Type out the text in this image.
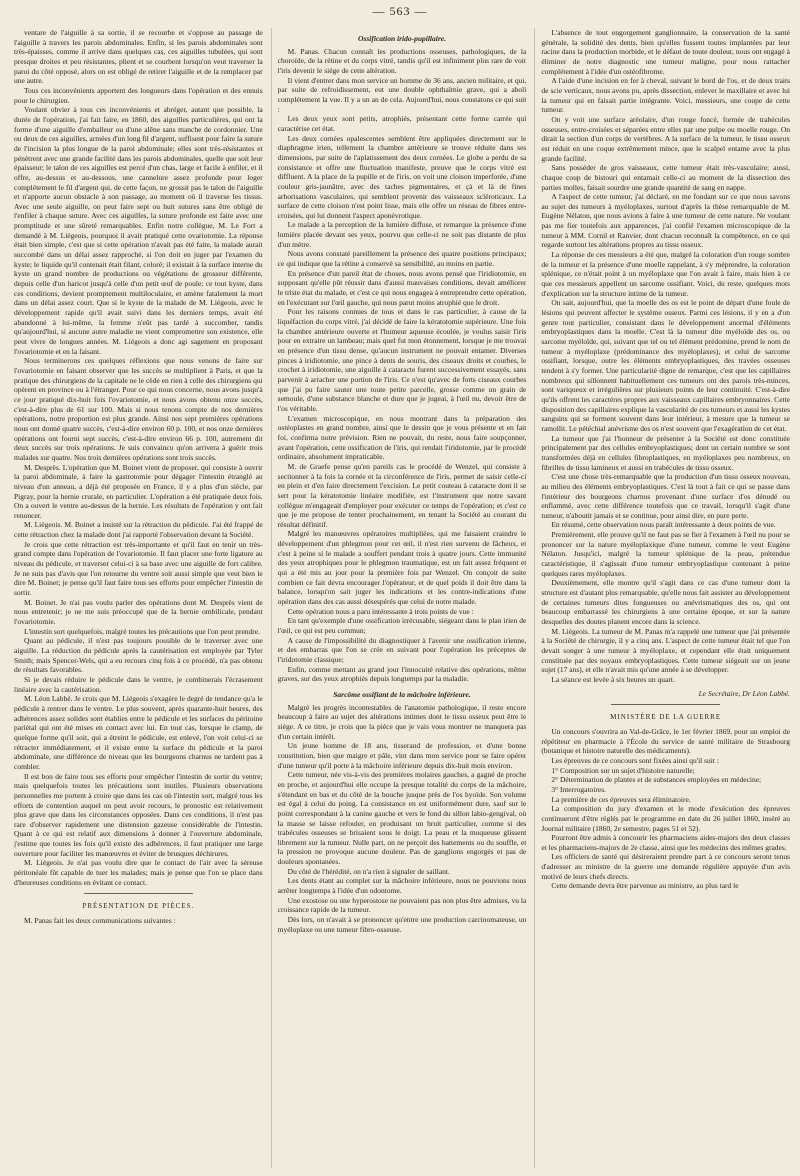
— 563 —

ventare de l'aiguille à sa sortie, il se recourbe et s'oppose au passage de l'aiguille à travers les parois abdominales. Enfin, si les parois abdominales sont très-épaisses, comme il arrive dans quelques cas, ces aiguilles tubulées, qui sont presque droites et peu résistantes, plient et se courbent lorsqu'on veut traverser la paroi du côté opposé, alors on est obligé de retirer l'aiguille et de la remplacer par une autre.

Tous ces inconvénients apportent des longueurs dans l'opération et des ennuis pour le chirurgien.

Voulant obvier à tous ces inconvénients et abréger, autant que possible, la durée de l'opération, j'ai fait faire, en 1860, des aiguilles particulières, qui ont la forme d'une aiguille d'emballeur ou d'une alêne sans manche de cordonnier. Une ou deux de ces aiguilles, armées d'un long fil d'argent, suffisent pour faire la suture de l'incision la plus longue de la paroi abdominale; elles sont très-résistantes et pénètrent avec une grande facilité dans les parois abdominales, quelle que soit leur épaisseur; le talon de ces aiguilles est percé d'un chas, large et facile à enfiler, et il offre, au-dessus et au-dessous, une cannelure assez profonde pour loger complétement le fil d'argent qui, de cette façon, ne grossit pas le talon de l'aiguille et n'apporte aucun obstacle à son passage, au moment où il traverse les tissus. Avec une seule aiguille, on peut faire sept ou huit sutures sans être obligé de l'enfiler à chaque suture. Avec ces aiguilles, la suture profonde est faite avec une promptitude et une sûreté remarquables. Enfin notre collègue, M. Le Fort a demandé à M. Liégeois, pourquoi il avait pratiqué cette ovariotomie. La réponse était bien simple, c'est que si cette opération n'avait pas été faite, la malade aurait succombé dans un délai assez rapproché, si l'on doit en juger par l'examen du kyste; le liquide qu'il contenait était filant, coloré; il existait à la surface interne du kyste un grand nombre de productions ou végétations de grosseur différente, depuis celle d'un haricot jusqu'à celle d'un petit œuf de poule; ce tout kyste, dans ces conditions, devient promptement multiloculaire, et amène fatalement la mort dans un délai assez court. Que si le kyste de la malade de M. Liégeois, avec le développement rapide qu'il avait suivi dans les derniers temps, avait été abandonné à lui-même, la femme n'eût pas tardé à succomber, tandis qu'aujourd'hui, si aucune autre maladie ne vient compromettre son existence, elle peut vivre de longues années. M. Liégeois a donc agi sagement en proposant l'ovariotomie et en la faisant.

Nous terminerons ces quelques réflexions que nous venons de faire sur l'ovariotomie en faisant observer que les succès se multiplient à Paris, et que la pratique des chirurgiens de la capitale ne le cède en rien à celle des chirurgiens qui opèrent en province ou à l'étranger. Pour ce qui nous concerne, nous avons jusqu'à ce jour pratiqué dix-huit fois l'ovariotomie, et nous avons obtenu onze succès, c'est-à-dire plus de 61 sur 100. Mais si nous tenons compte de nos dernières opérations, notre proportion est plus grande. Ainsi nos sept premières opérations nous ont donné quatre succès, c'est-à-dire environ 60 p. 100, et nos onze dernières opérations ont fourni sept succès, c'est-à-dire environ 66 p. 100, autrement dit deux succès sur trois opérations. Je suis convaincu qu'on arrivera à guérir trois malades sur quatre. Nos trois dernières opérations sont trois succès.

M. Desprès. L'opération que M. Boinet vient de proposer, qui consiste à ouvrir la paroi abdominale, à faire la gastrotomie pour dégager l'intestin étranglé au niveau d'un anneau, a déjà été proposée en France, il y a plus d'un siècle, par Pigray, pour la hernie crurale, en particulier. L'opération a été pratiquée deux fois. On a ouvert le ventre au-dessus de la hernie. Les résultats de l'opération y ont fait renoncer.

M. Liégeois. M. Boinet a insisté sur la rétraction du pédicule. J'ai été frappé de cette rétraction chez la malade dont j'ai rapporté l'observation devant la Société.

Je crois que cette rétraction est très-importante et qu'il faut en tenir un très-grand compte dans l'opération de l'ovariotomie. Il faut placer une forte ligature au niveau du pédicule, et traverser celui-ci à sa base avec une aiguille de fort calibre. Je ne suis pas d'avis que l'on retourne du ventre soit aussi simple que veut bien le dire M. Boinet; je pense qu'il faut faire tous ses efforts pour empêcher l'intestin de sortir.

M. Boinet. Je n'ai pas voulu parler des opérations dont M. Desprès vient de nous entretenir; je ne me suis préoccupé que de la hernie ombilicale, pendant l'ovariotomie.

L'intestin sort quelquefois, malgré toutes les précautions que l'on peut prendre.

Quant au pédicule, il n'est pas toujours possible de le traverser avec une aiguille. La réduction du pédicule après la cautérisation est employée par Tyler Smith; mais Spencer-Wels, qui a eu recours cinq fois à ce procédé, n'a pas obtenu de résultats favorables.

Si je devais réduire le pédicule dans le ventre, je combinerais l'écrasement linéaire avec la cautérisation.

M. Léon Labbé. Je crois que M. Liégeois s'exagère le degré de tendance qu'a le pédicule à rentrer dans le ventre. Le plus souvent, après quarante-huit heures, des adhérences assez solides sont établies entre le pédicule et les surfaces du péritoine pariétal qui ont été mises en contact avec lui. En tout cas, lorsque le clamp, de quelque forme qu'il soit, qui a étreint le pédicule, est enlevé, l'on voit celui-ci se rétracter immédiatement, et il existe entre la surface du pédicule et la paroi abdominale, une différence de niveau que les bourgeons charnus ne tardent pas à combler.

Il est bon de faire tous ses efforts pour empêcher l'intestin de sortir du ventre; mais quelquefois toutes les précautions sont inutiles. Plusieurs observations personnelles me portent à croire que dans les cas où l'intestin sort, malgré tous les efforts de contention auquel on peut avoir recours, le pronostic est relativement plus grave que dans les circonstances opposées. Dans ces conditions, il n'est pas rare d'observer rapidement une distension gazeuse considérable de l'intestin. Quant à ce qui est relatif aux dimensions à donner à l'ouverture abdominale, j'estime que toutes les fois qu'il existe des adhérences, il faut pratiquer une large ouverture pour faciliter les manœuvres et éviter de brusques déchirures.

M. Liégeois. Je n'ai pas voulu dire que le contact de l'air avec la séreuse péritonéale fût capable de tuer les malades; mais je pense que l'on se place dans d'heureuses conditions en évitant ce contact.

PRÉSENTATION DE PIÈCES.

M. Panas fait les deux communications suivantes :

Ossification irido-pupillaire.

M. Panas. Chacun connaît les productions osseuses, pathologiques, de la choroïde, de la rétine et du corps vitré, tandis qu'il est infiniment plus rare de voir l'iris devenir le siége de cette altération.

Il vient d'entrer dans mon service un homme de 36 ans, ancien militaire, et qui, par suite de refroidissement, eut une double ophthalmie grave, qui a aboli complétement la vue. Il y a un an de cela. Aujourd'hui, nous constatons ce qui suit :

Les deux yeux sont petits, atrophiés, présentant cette forme carrée qui caractérise cet état.

Les deux cornées opalescentes semblent être appliquées directement sur le diaphragme irien, tellement la chambre antérieure se trouve réduite dans ses dimensions, par suite de l'aplatissement des deux cornées. Le globe a perdu de sa consistance et offre une fluctuation manifeste, preuve que le corps vitré est diffluent. A la place de la pupille et de l'iris, on voit une cloison imperforée, d'une couleur gris-jaunâtre, avec des taches pigmentaires, et çà et là de fines arborisations vasculaires, qui semblent provenir des vaisseaux scléroticaux. La surface de cette cloison n'est point lisse, mais elle offre un réseau de fibres entre-croisées, qui lui donnent l'aspect aponévrotique.

Le malade a la perception de la lumière diffuse, et remarque la présence d'une lumière placée devant ses yeux, pourvu que celle-ci ne soit pas distante de plus d'un mètre.

Nous avons constaté pareillement la présence des quatre positions principaux; ce qui indique que la rétine a conservé sa sensibilité, au moins en partie.

En présence d'un pareil état de choses, nous avons pensé que l'iridiotomie, en supposant qu'elle pût réussir dans d'aussi mauvaises conditions, devait améliorer le triste état du malade, et c'est ce qui nous engagea à entreprendre cette opération, en l'exécutant sur l'œil gauche, qui nous parut moins atrophié que le droit.

Pour les raisons connues de tous et dans le cas particulier, à cause de la liquéfaction du corps vitré, j'ai décidé de faire la kératotomie supérieure. Une fois la chambre antérieure ouverte et l'humeur aqueuse écoulée, je voulus saisir l'iris pour en extraire un lambeau; mais quel fut mon étonnement, lorsque je me trouvai en présence d'un tissu dense, qu'aucun instrument ne pouvait entamer. Diverses pinces à iridiotomie, une pince à dents de souris, des ciseaux droits et courbes, le crochet à iridiotomie, une aiguille à cataracte furent successivement essayés, sans parvenir à arracher une portion de l'iris. Ce n'est qu'avec de forts ciseaux courbes que j'ai pu faire sauter une toute petite parcelle, grosse comme un grain de semoule, d'une substance blanche et dure que je jugeai, à l'œil nu, devoir être de l'os véritable.

L'examen microscopique, en nous montrant dans la préparation des ostéoplastes en grand nombre, ainsi que le dessin que je vous présente et en fait foi, confirma notre prévision. Rien ne pouvait, du reste, nous faire soupçonner, avant l'opération, cette ossification de l'iris, qui rendait l'iridotomie, par le procédé ordinaire, absolument impraticable.

M. de Graefe pense qu'en pareils cas le procédé de Wenzel, qui consiste à sectionner à la fois la cornée et la circonférence de l'iris, permet de saisir celle-ci en plein et d'en faire directement l'excision. Le petit couteau à cataracte dont il se sert pour la kératotomie linéaire modifiée, est l'instrument que notre savant collègue m'engageait d'employer pour exécuter ce temps de l'opération; et c'est ce que je me propose de tenter prochainement, en tenant la Société au courant du résultat définitif.

Malgré les manœuvres opératoires multipliées, qui me faisaient craindre le développement d'un phlegmon pour cet œil, il n'est rien survenu de fâcheux, et c'est à peine si le malade a souffert pendant trois à quatre jours. Cette immunité des yeux atrophiques pour le phlegmon traumatique, est un fait assez fréquent et qui a été mis au jour pour la première fois par Wenzel. On conçoit de suite combien ce fait devra encourager l'opérateur, et de quel poids il doit être dans la balance, lorsqu'on sait juger les indications et les contre-indications d'une opération dans des cas aussi désespérés que celui de notre malade.

Cette opération nous a paru intéressante à trois points de vue :

En tant qu'exemple d'une ossification irrécusable, siégeant dans le plan irien de l'œil, ce qui est peu commun;

A cause de l'impossibilité du diagnostiquer à l'avenir une ossification irienne, et des embarras que l'on se crée en suivant pour l'opération les préceptes de l'iridotomie classique;

Enfin, comme mettant au grand jour l'innocuité relative des opérations, même graves, sur des yeux atrophiés depuis longtemps par la maladie.

Sarcôme ossifiant de la mâchoire inférieure.

Malgré les progrès incontestables de l'anatomie pathologique, il reste encore beaucoup à faire au sujet des altérations intimes dont le tissu osseux peut être le siége. A ce titre, je crois que la pièce que je vais vous montrer ne manquera pas d'un certain intérêt.

Un jeune homme de 18 ans, tisserand de profession, et d'une bonne constitution, bien que maigre et pâle, vint dans mon service pour se faire opérer d'une tumeur qu'il porte à la mâchoire inférieure depuis dix-huit mois environ.

Cette tumeur, née vis-à-vis des premières molaires gauches, a gagné de proche en proche, et aujourd'hui elle occupe la presque totalité du corps de la mâchoire, s'étendant en bas et du côté de la bouche jusque près de l'os hyoïde. Son volume est égal à celui du poing. La consistance en est uniformément dure, sauf sur le point correspondant à la canine gauche et vers le fond du sillon labio-gengival, où la masse se laisse refouler, en produisant un bruit particulier, comme si des trabécules osseuses se brisaient sous le doigt. La peau et la muqueuse glissent librement sur la tumeur. Nulle part, on ne perçoit des battements ou du souffle, et la pression ne provoque aucune douleur. Pas de ganglions engorgés et pas de douleurs spontanées.

Du côté de l'hérédité, on n'a rien à signaler de saillant.

Les dents étant au complet sur la mâchoire inférieure, nous ne pouvions nous arrêter longtemps à l'idée d'un odontome.

Une exostose ou une hyperostose ne pouvaient pas non plus être admises, vu la croissance rapide de la tumeur.

Dès lors, on n'avait à se prononcer qu'entre une production carcinomateuse, un myéloplaxe ou une tumeur fibro-osseuse.

L'absence de tout engorgement ganglionnaire, la conservation de la santé générale, la solidité des dents, bien qu'elles fussent toutes implantées par leur racine dans la production morbide, et le défaut de toute douleur, nous ont engagé à éliminer de notre diagnostic une tumeur maligne, pour nous rattacher complétement à l'idée d'un ostéofibrome.

A l'aide d'une incision en fer à cheval, suivant le bord de l'os, et de deux traits de scie verticaux, nous avons pu, après dissection, enlever le maxillaire et avec lui la tumeur qui en faisait partie intégrante. Voici, messieurs, une coupe de cette tumeur.

On y voit une surface aréolaire, d'un rouge foncé, formée de trabécules osseuses, entre-croisées et séparées entre elles par une pulpe ou moelle rouge. On dirait la section d'un corps de vertèbres. A la surface de la tumeur, le tissu osseux est réduit en une coque extrêmement mince, que le scalpel entame avec la plus grande facilité.

Sans posséder de gros vaisseaux, cette tumeur était très-vasculaire; aussi, chaque coup de bistouri qui entamait celle-ci au moment de la dissection des parties molles, faisait sourdre une grande quantité de sang en nappe.

A l'aspect de cette tumeur, j'ai déclaré, en me fondant sur ce que nous savons au sujet des tumeurs à myéloplaxes, surtout d'après la thèse remarquable de M. Eugène Nélaton, que nous avions à faire à une tumeur de cette nature. Ne voulant pas me fier toutefois aux apparences, j'ai confié l'examen microscopique de la tumeur à MM. Cornil et Ranvier, dont chacun reconnaît la compétence, en ce qui regarde surtout les altérations propres au tissu osseux.

La réponse de ces messieurs a été que, malgré la coloration d'un rouge sombre de la tumeur et la présence d'une moelle rappelant, à s'y méprendre, la coloration splénique, ce n'était point à un myéloplaxe que l'on avait à faire, mais bien à ce que ces messieurs appellent un sarcome ossifiant. Voici, du reste, quelques mots d'explication sur la structure intime de la tumeur.

On sait, aujourd'hui, que la moelle des os est le point de départ d'une foule de lésions qui peuvent affecter le système osseux. Parmi ces lésions, il y en a d'un genre tout particulier, consistant dans le développement anormal d'éléments embryoplastiques dans la moelle. C'est là la tumeur dite myéloïde des os, ou sarcome myéloïde, qui, suivant que tel ou tel élément prédomine, prend le nom de tumeur à myéloplaxe (prédominance des myéloplaxes), et celui de sarcome ossifiant, lorsque, outre les éléments embryoplastiques, des travées osseuses tendent à s'y former. Une particularité digne de remarque, c'est que les capillaires nombreux qui sillonnent habituellement ces tumeurs ont des parois très-minces, sont variqueux et irrégulières sur plusieurs points de leur continuité. C'est-à-dire qu'ils offrent les caractères propres aux vaisseaux capillaires embryonnaires. Cette disposition des capillaires explique la vascularité de ces tumeurs et aussi les kystes sanguins qui se forment souvent dans leur intérieur, à mesure que la tumeur se ramollit. Le pétéchial anévrisme des os n'est souvent que l'exagération de cet état.

La tumeur que j'ai l'honneur de présenter à la Société est donc constituée principalement par des cellules embryoplastiques; dont un certain nombre se sont transformées déjà en cellules fibroplastiques, en myéloplaxes peu nombreux, en fibrilles de tissu lamineux et aussi en trabécules de tissu osseux.

C'est une chose très-remarquable que la production d'un tissu osseux nouveau, au milieu des éléments embryoplastiques. C'est là tout à fait ce qui se passe dans l'intérieur des bourgeons charnus provenant d'une surface d'os dénudé ou enflammé, avec cette différence toutefois que ce travail, lorsqu'il s'agit d'une tumeur, n'aboutit jamais et se continue, pour ainsi dire, en pure perte.

En résumé, cette observation nous paraît intéressante à deux points de vue.

Premièrement, elle prouve qu'il ne faut pas se fier à l'examen à l'œil nu pour se prononcer sur la nature myéloplaxique d'une tumeur, comme le veut Eugène Nélaton. Jusqu'ici, malgré la tumeur splénique de la peau, prétendue caractéristique, il s'agissait d'une tumeur embryoplastique contenant à peine quelques rares myéloplaxes.

Deuxièmement, elle montre qu'il s'agit dans ce cas d'une tumeur dont la structure est d'autant plus remarquable, qu'elle nous fait assister au développement de certaines tumeurs dites fongueuses ou anévrismatiques des os, qui ont beaucoup embarrassé les chirurgiens à une certaine époque, et sur la nature desquelles des doutes planent encore dans la science.

M. Liégeois. La tumeur de M. Panas m'a rappelé une tumeur que j'ai présentée à la Société de chirurgie, il y a cinq ans. L'aspect de cette tumeur était tel que l'on devait songer à une tumeur à myéloplaxe, et cependant elle était uniquement constituée par des noyaux embryoplastiques. Cette tumeur siégeait sur un jeune sujet (17 ans), et elle n'avait mis qu'une année à se développer.

La séance est levée à six heures un quart.

Le Secrétaire, Dr Léon Labbé.

MINISTÈRE DE LA GUERRE

Un concours s'ouvrira au Val-de-Grâce, le 1er février 1869, pour un emploi de répétiteur en pharmacie à l'École du service de santé militaire de Strasbourg (botanique et histoire naturelle des médicaments).

Les épreuves de ce concours sont fixées ainsi qu'il suit :

1° Composition sur un sujet d'histoire naturelle;

2° Détermination de plantes et de substances employées en médecine;

3° Interrogatoires.

La première de ces épreuves sera éliminatoire.

La composition du jury d'examen et le mode d'exécution des épreuves continueront d'être réglés par le programme en date du 26 juillet 1860, inséré au Journal militaire (1860, 2e semestre, pages 51 et 52).

Pourront être admis à concourir les pharmaciens aides-majors des deux classes et les pharmaciens-majors de 2e classe, ainsi que les médecins des mêmes grades.

Les officiers de santé qui désireraient prendre part à ce concours seront tenus d'adresser au ministre de la guerre une demande régulière appuyée d'un avis motivé de leurs chefs directs.

Cette demande devra être parvenue au ministre, au plus tard le
